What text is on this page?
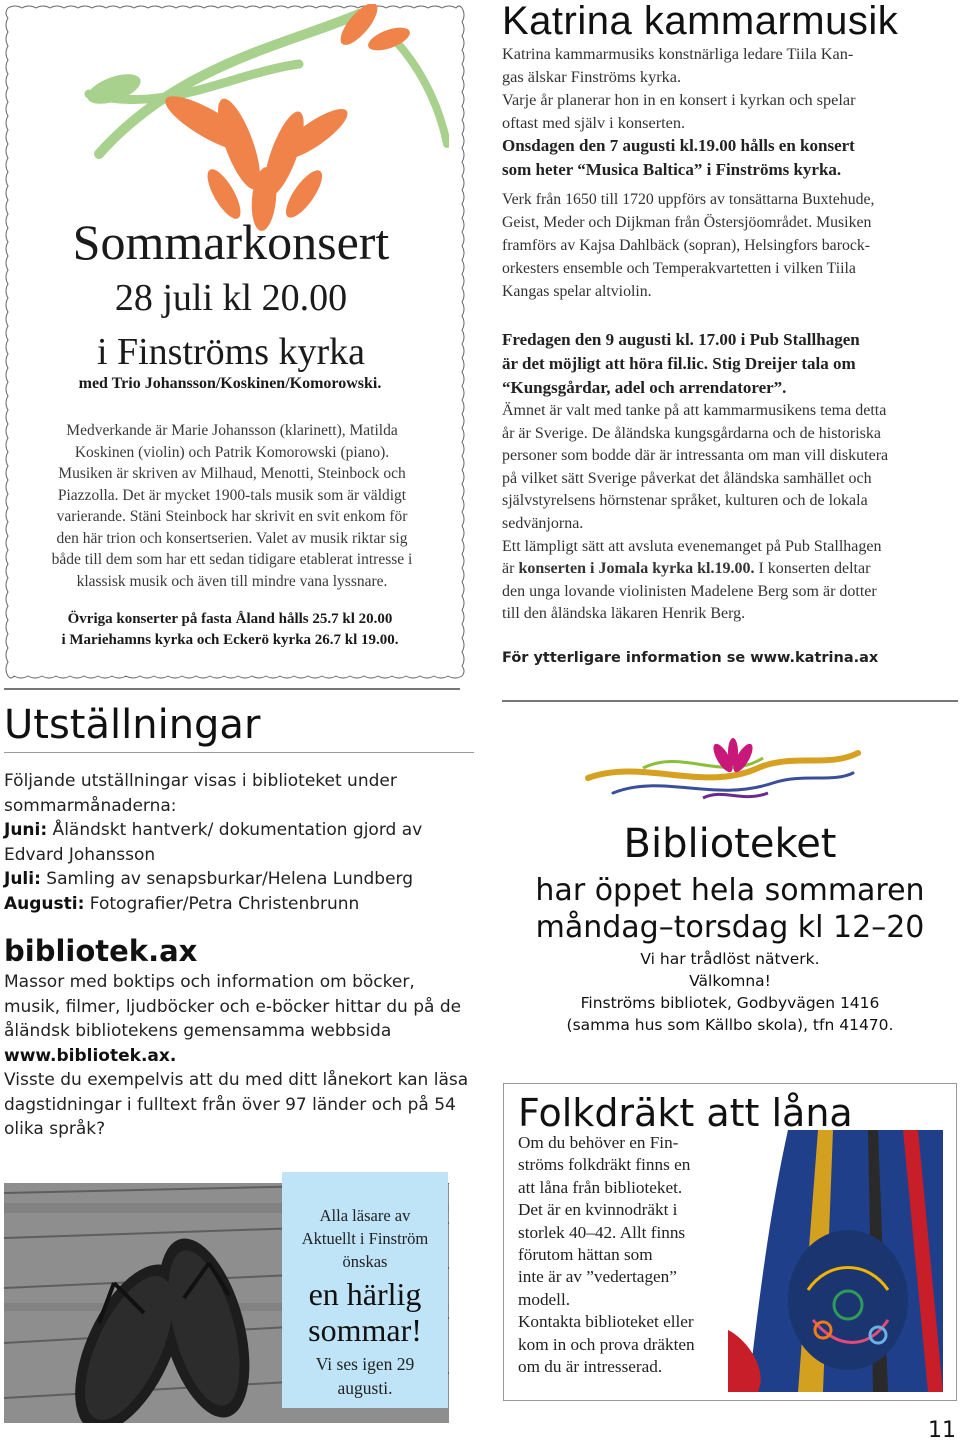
Sommarkonsert
28 juli kl 20.00
i Finströms kyrka
med Trio Johansson/Koskinen/Komorowski.
Medverkande är Marie Johansson (klarinett), Matilda
Koskinen (violin) och Patrik Komorowski (piano).
Musiken är skriven av Milhaud, Menotti, Steinbock och
Piazzolla. Det är mycket 1900-tals musik som är väldigt
varierande. Stäni Steinbock har skrivit en svit enkom för
den här trion och konsertserien. Valet av musik riktar sig
både till dem som har ett sedan tidigare etablerat intresse i
klassisk musik och även till mindre vana lyssnare.
Övriga konserter på fasta Åland hålls 25.7 kl 20.00
i Mariehamns kyrka och Eckerö kyrka 26.7 kl 19.00.
Katrina kammarmusik
Katrina kammarmusiks konstnärliga ledare Tiila Kan-
gas älskar Finströms kyrka.
Varje år planerar hon in en konsert i kyrkan och spelar
oftast med själv i konserten.
Onsdagen den 7 augusti kl.19.00 hålls en konsert
som heter “Musica Baltica” i Finströms kyrka.
Verk från 1650 till 1720 uppförs av tonsättarna Buxtehude,
Geist, Meder och Dijkman från Östersjöområdet. Musiken
framförs av Kajsa Dahlbäck (sopran), Helsingfors barock-
orkesters ensemble och Temperakvartetten i vilken Tiila
Kangas spelar altviolin.
Fredagen den 9 augusti kl. 17.00 i Pub Stallhagen
är det möjligt att höra fil.lic. Stig Dreijer tala om
“Kungsgårdar, adel och arrendatorer”.
Ämnet är valt med tanke på att kammarmusikens tema detta
år är Sverige. De åländska kungsgårdarna och de historiska
personer som bodde där är intressanta om man vill diskutera
på vilket sätt Sverige påverkat det åländska samhället och
självstyrelsens hörnstenar språket, kulturen och de lokala
sedvänjorna.
Ett lämpligt sätt att avsluta evenemanget på Pub Stallhagen
är konserten i Jomala kyrka kl.19.00. I konserten deltar
den unga lovande violinisten Madelene Berg som är dotter
till den åländska läkaren Henrik Berg.
För ytterligare information se www.katrina.ax
Utställningar
Följande utställningar visas i biblioteket under
sommarmånaderna:
Juni: Åländskt hantverk/ dokumentation gjord av
Edvard Johansson
Juli: Samling av senapsburkar/Helena Lundberg
Augusti: Fotografier/Petra Christenbrunn
bibliotek.ax
Massor med boktips och information om böcker,
musik, filmer, ljudböcker och e-böcker hittar du på de
åländsk bibliotekens gemensamma webbsida
www.bibliotek.ax.
Visste du exempelvis att du med ditt lånekort kan läsa
dagstidningar i fulltext från över 97 länder och på 54
olika språk?
Biblioteket
har öppet hela sommaren
måndag–torsdag kl 12–20
Vi har trådlöst nätverk.
Välkomna!
Finströms bibliotek, Godbyvägen 1416
(samma hus som Källbo skola), tfn 41470.
Folkdräkt att låna
Om du behöver en Fin-
ströms folkdräkt finns en
att låna från biblioteket.
Det är en kvinnodräkt i
storlek 40–42. Allt finns
förutom hättan som
inte är av ”vedertagen”
modell.
Kontakta biblioteket eller
kom in och prova dräkten
om du är intresserad.
Alla läsare av
Aktuellt i Finström
önskas
en härlig
sommar!
Vi ses igen 29
augusti.
11
